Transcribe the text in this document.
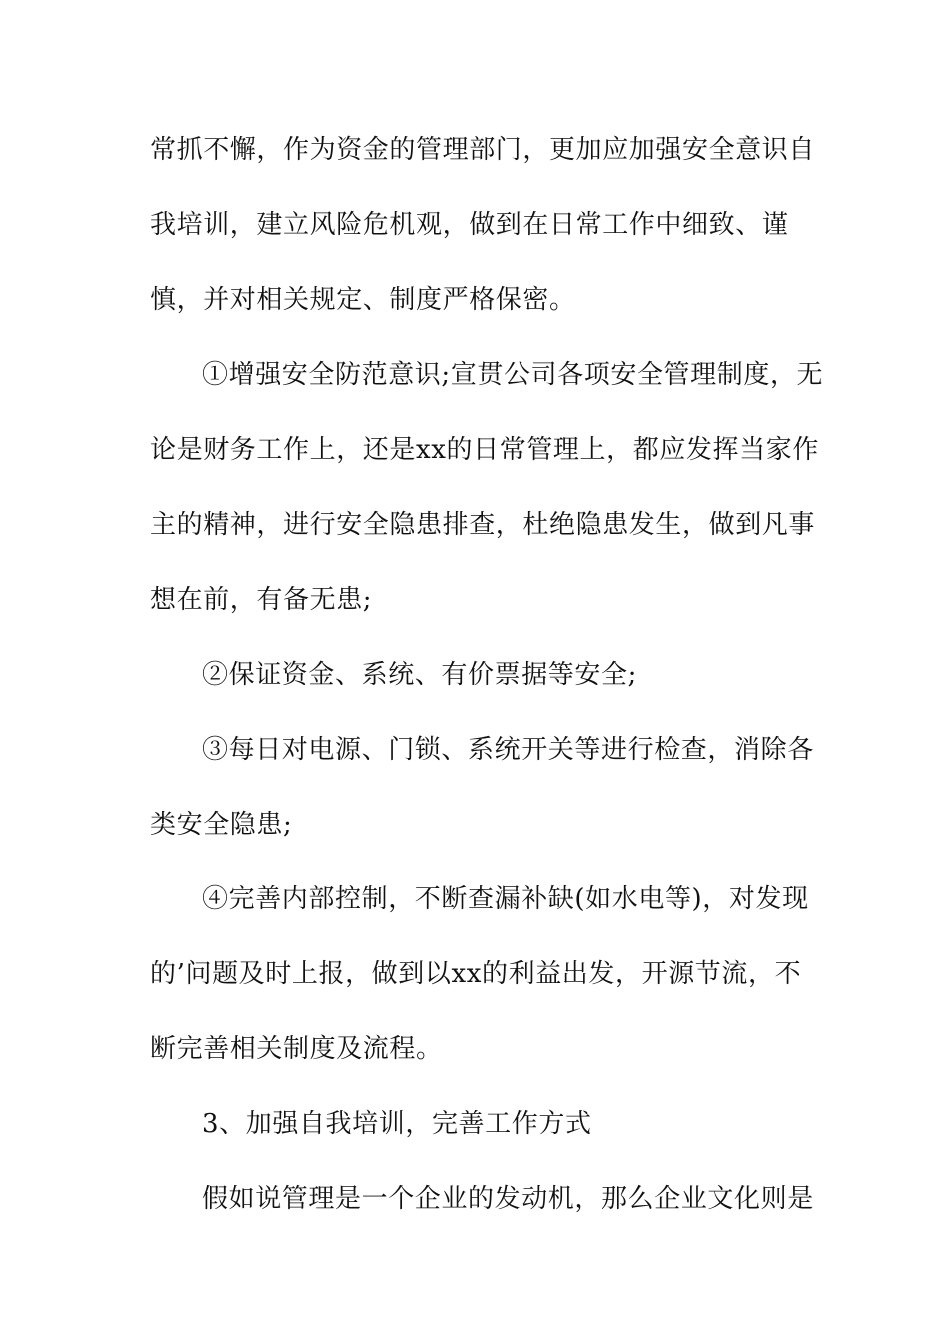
常抓不懈，作为资金的管理部门，更加应加强安全意识自

我培训，建立风险危机观，做到在日常工作中细致、谨

慎，并对相关规定、制度严格保密。

①增强安全防范意识;宣贯公司各项安全管理制度，无

论是财务工作上，还是xx的日常管理上，都应发挥当家作

主的精神，进行安全隐患排查，杜绝隐患发生，做到凡事

想在前，有备无患;

②保证资金、系统、有价票据等安全;

③每日对电源、门锁、系统开关等进行检查，消除各

类安全隐患;

④完善内部控制，不断查漏补缺(如水电等)，对发现

的’问题及时上报，做到以xx的利益出发，开源节流，不

断完善相关制度及流程。

3、加强自我培训，完善工作方式

假如说管理是一个企业的发动机，那么企业文化则是
